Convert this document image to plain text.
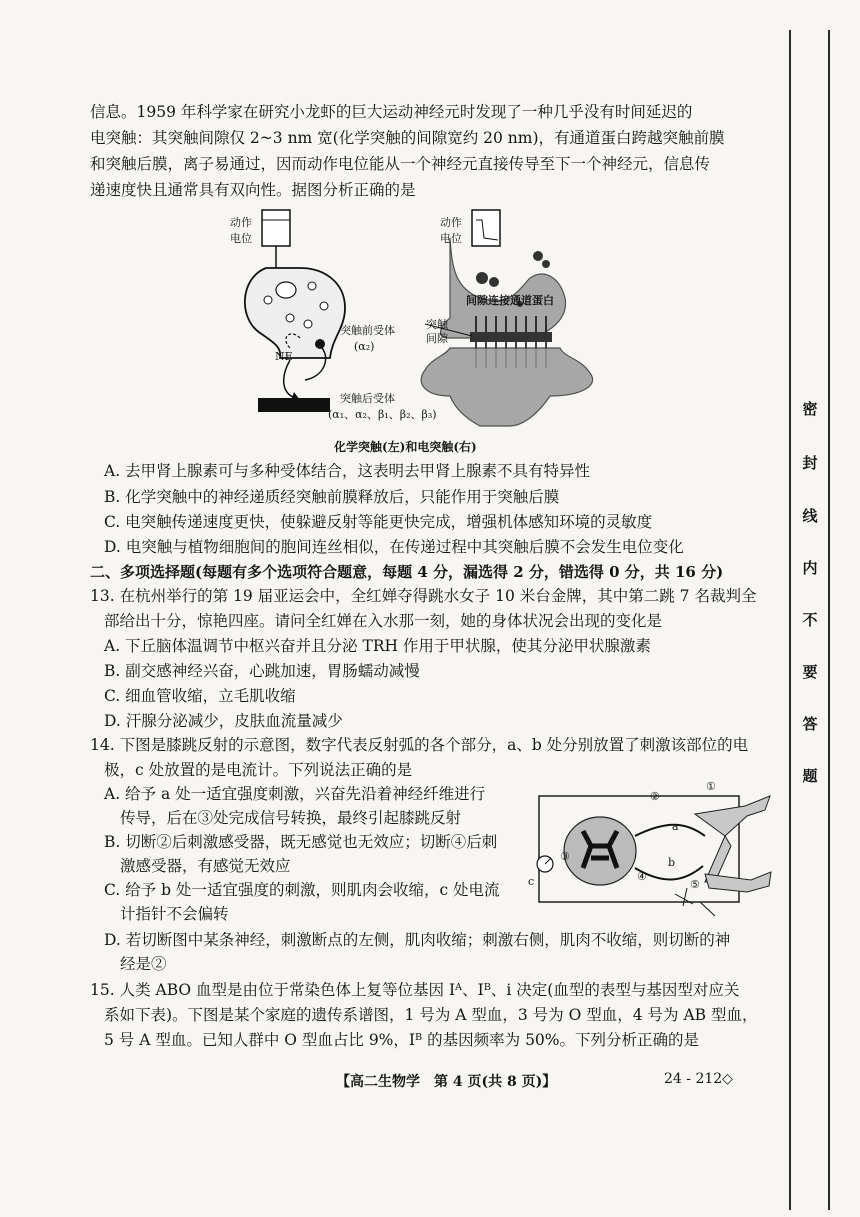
信息。1959 年科学家在研究小龙虾的巨大运动神经元时发现了一种几乎没有时间延迟的
电突触：其突触间隙仅 2~3 nm 宽(化学突触的间隙宽约 20 nm)，有通道蛋白跨越突触前膜
和突触后膜，离子易通过，因而动作电位能从一个神经元直接传导至下一个神经元，信息传
递速度快且通常具有双向性。据图分析正确的是
动作
电位
动作
电位
突触前受体
(α₂)
NE
突触后受体
(α₁、α₂、β₁、β₂、β₃)
间隙连接通道蛋白
突触
间隙
化学突触(左)和电突触(右)
A. 去甲肾上腺素可与多种受体结合，这表明去甲肾上腺素不具有特异性
B. 化学突触中的神经递质经突触前膜释放后，只能作用于突触后膜
C. 电突触传递速度更快，使躲避反射等能更快完成，增强机体感知环境的灵敏度
D. 电突触与植物细胞间的胞间连丝相似，在传递过程中其突触后膜不会发生电位变化
二、多项选择题(每题有多个选项符合题意，每题 4 分，漏选得 2 分，错选得 0 分，共 16 分)
13. 在杭州举行的第 19 届亚运会中，全红婵夺得跳水女子 10 米台金牌，其中第二跳 7 名裁判全
部给出十分，惊艳四座。请问全红婵在入水那一刻，她的身体状况会出现的变化是
A. 下丘脑体温调节中枢兴奋并且分泌 TRH 作用于甲状腺，使其分泌甲状腺激素
B. 副交感神经兴奋，心跳加速，胃肠蠕动减慢
C. 细血管收缩，立毛肌收缩
D. 汗腺分泌减少，皮肤血流量减少
14. 下图是膝跳反射的示意图，数字代表反射弧的各个部分，a、b 处分别放置了刺激该部位的电
极，c 处放置的是电流计。下列说法正确的是
A. 给予 a 处一适宜强度刺激，兴奋先沿着神经纤维进行
传导，后在③处完成信号转换，最终引起膝跳反射
B. 切断②后刺激感受器，既无感觉也无效应；切断④后刺
激感受器，有感觉无效应
C. 给予 b 处一适宜强度的刺激，则肌肉会收缩，c 处电流
计指针不会偏转
D. 若切断图中某条神经，刺激断点的左侧，肌肉收缩；刺激右侧，肌肉不收缩，则切断的神
经是②
①
②
③
④
⑤
a
b
c
15. 人类 ABO 血型是由位于常染色体上复等位基因 Iᴬ、Iᴮ、i 决定(血型的表型与基因型对应关
系如下表)。下图是某个家庭的遗传系谱图，1 号为 A 型血，3 号为 O 型血，4 号为 AB 型血，
5 号 A 型血。已知人群中 O 型血占比 9%，Iᴮ 的基因频率为 50%。下列分析正确的是
【高二生物学　第 4 页(共 8 页)】	24 - 212◇
密
封
线
内
不
要
答
题
